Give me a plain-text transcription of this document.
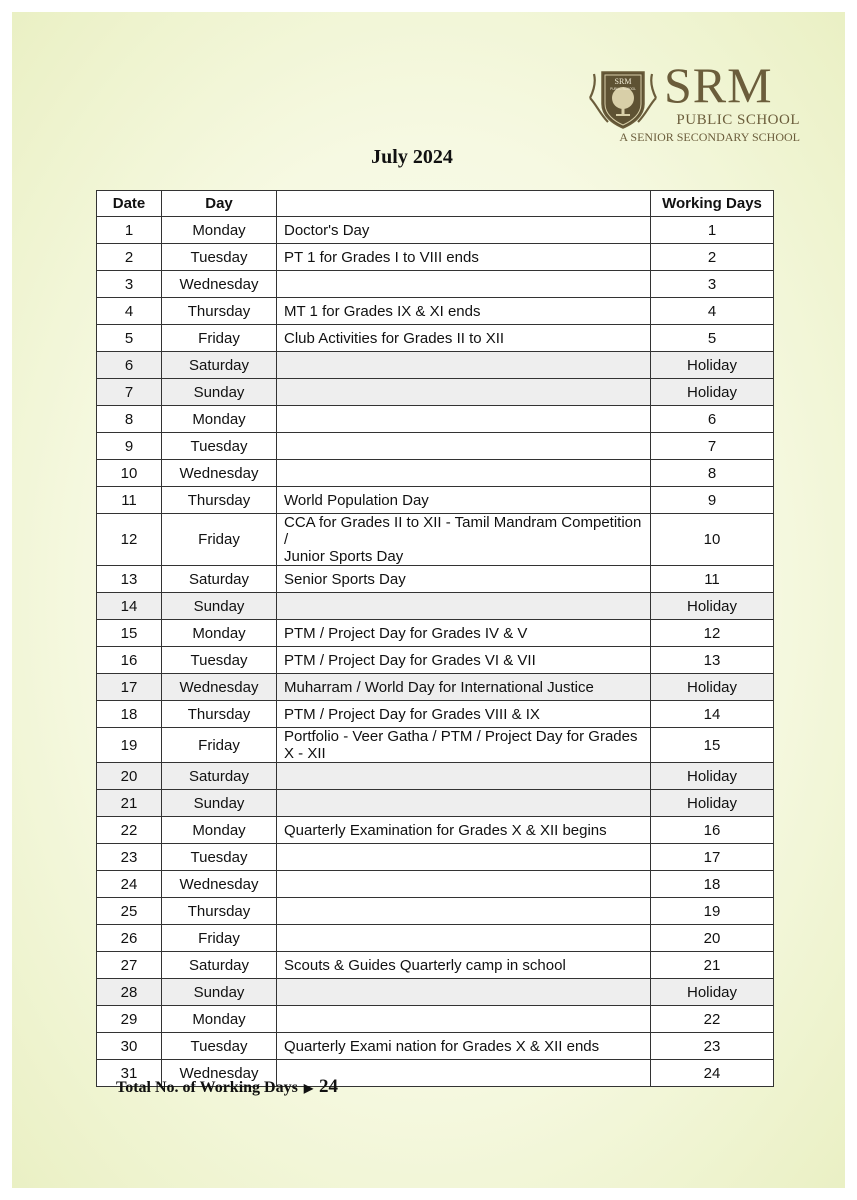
SRM
PUBLIC SCHOOL SRM
PUBLIC SCHOOL
A SENIOR SECONDARY SCHOOL
July 2024
Date	Day		Working Days
1	Monday	Doctor's Day	1
2	Tuesday	PT 1 for Grades I to VIII ends	2
3	Wednesday		3
4	Thursday	MT 1 for Grades IX & XI ends	4
5	Friday	Club Activities for Grades II to XII	5
6	Saturday		Holiday
7	Sunday		Holiday
8	Monday		6
9	Tuesday		7
10	Wednesday		8
11	Thursday	World Population Day	9
12	Friday	CCA for Grades II to XII - Tamil Mandram Competition /
Junior Sports Day	10
13	Saturday	Senior Sports Day	11
14	Sunday		Holiday
15	Monday	PTM / Project Day for Grades IV & V	12
16	Tuesday	PTM / Project Day for Grades VI & VII	13
17	Wednesday	Muharram / World Day for International Justice	Holiday
18	Thursday	PTM / Project Day for Grades VIII & IX	14
19	Friday	Portfolio - Veer Gatha / PTM / Project Day for Grades X - XII	15
20	Saturday		Holiday
21	Sunday		Holiday
22	Monday	Quarterly Examination for Grades X & XII begins	16
23	Tuesday		17
24	Wednesday		18
25	Thursday		19
26	Friday		20
27	Saturday	Scouts & Guides Quarterly camp in school	21
28	Sunday		Holiday
29	Monday		22
30	Tuesday	Quarterly Exami nation for Grades X & XII ends	23
31	Wednesday		24
Total No. of Working Days ▶ 24
